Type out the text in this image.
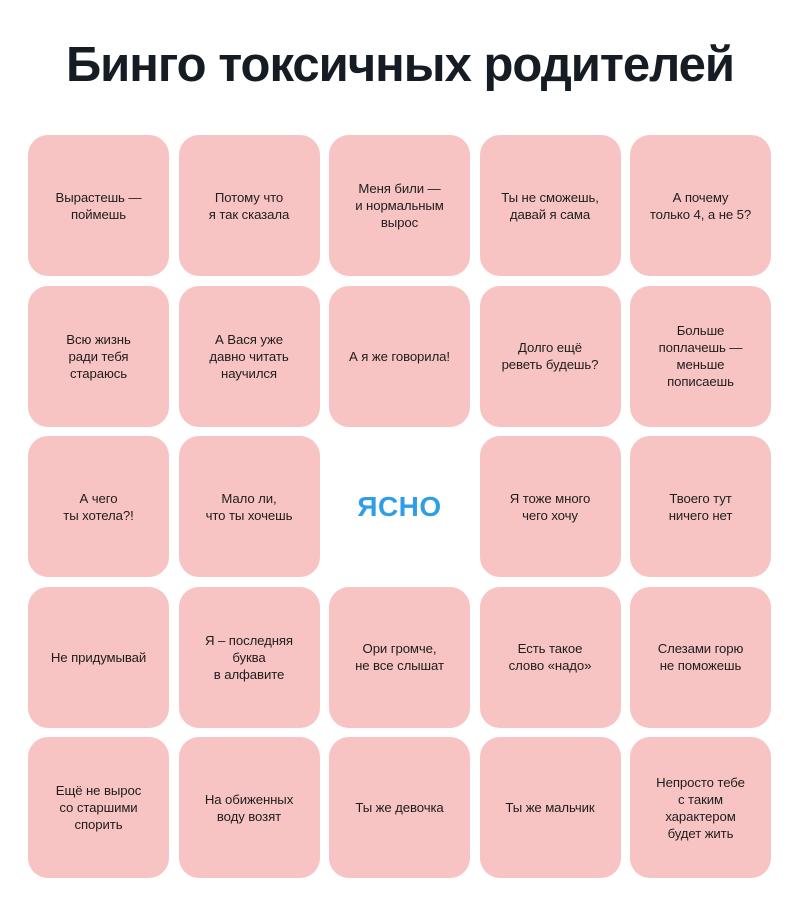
Бинго токсичных родителей
Вырастешь —
поймешь
Потому что
я так сказала
Меня били —
и нормальным
вырос
Ты не сможешь,
давай я сама
А почему
только 4, а не 5?
Всю жизнь
ради тебя
стараюсь
А Вася уже
давно читать
научился
А я же говорила!
Долго ещё
реветь будешь?
Больше
поплачешь —
меньше
пописаешь
А чего
ты хотела?!
Мало ли,
что ты хочешь ЯСНО	Я тоже много
чего хочу
Твоего тут
ничего нет
Не придумывай
Я – последняя
буква
в алфавите
Ори громче,
не все слышат
Есть такое
слово «надо»
Слезами горю
не поможешь
Ещё не вырос
со старшими
спорить
На обиженных
воду возят
Ты же девочка	Ты же мальчик
Непросто тебе
с таким
характером
будет жить
